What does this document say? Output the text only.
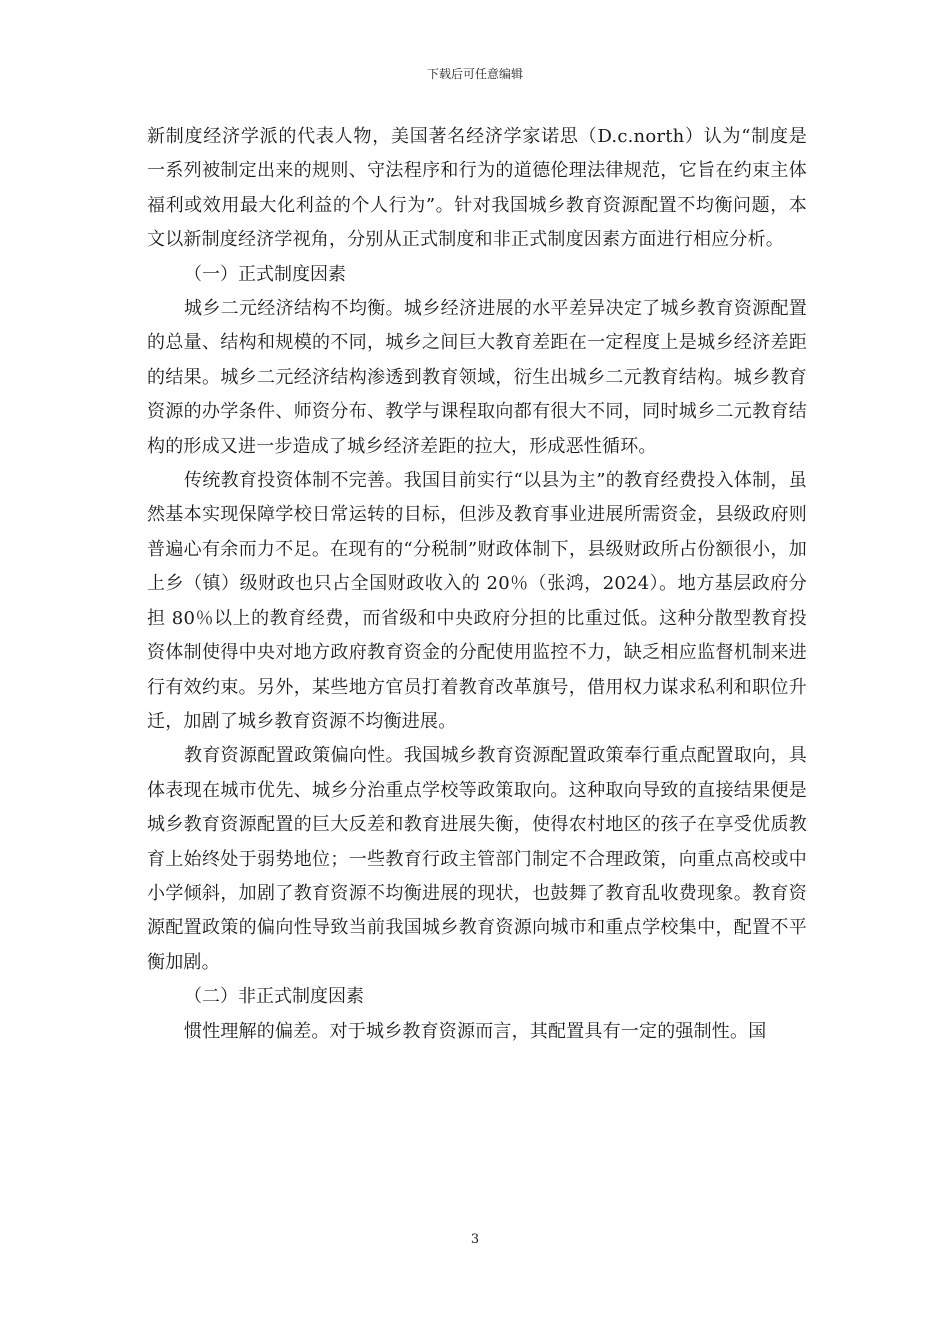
下载后可任意编辑

新制度经济学派的代表人物，美国著名经济学家诺思（D.c.north）认为“制度是一系列被制定出来的规则、守法程序和行为的道德伦理法律规范，它旨在约束主体福利或效用最大化利益的个人行为”。针对我国城乡教育资源配置不均衡问题，本文以新制度经济学视角，分别从正式制度和非正式制度因素方面进行相应分析。

（一）正式制度因素

城乡二元经济结构不均衡。城乡经济进展的水平差异决定了城乡教育资源配置的总量、结构和规模的不同，城乡之间巨大教育差距在一定程度上是城乡经济差距的结果。城乡二元经济结构渗透到教育领域，衍生出城乡二元教育结构。城乡教育资源的办学条件、师资分布、教学与课程取向都有很大不同，同时城乡二元教育结构的形成又进一步造成了城乡经济差距的拉大，形成恶性循环。

传统教育投资体制不完善。我国目前实行“以县为主”的教育经费投入体制，虽然基本实现保障学校日常运转的目标，但涉及教育事业进展所需资金，县级政府则普遍心有余而力不足。在现有的“分税制”财政体制下，县级财政所占份额很小，加上乡（镇）级财政也只占全国财政收入的 20％（张鸿，2024）。地方基层政府分担 80％以上的教育经费，而省级和中央政府分担的比重过低。这种分散型教育投资体制使得中央对地方政府教育资金的分配使用监控不力，缺乏相应监督机制来进行有效约束。另外，某些地方官员打着教育改革旗号，借用权力谋求私利和职位升迁，加剧了城乡教育资源不均衡进展。

教育资源配置政策偏向性。我国城乡教育资源配置政策奉行重点配置取向，具体表现在城市优先、城乡分治重点学校等政策取向。这种取向导致的直接结果便是城乡教育资源配置的巨大反差和教育进展失衡，使得农村地区的孩子在享受优质教育上始终处于弱势地位；一些教育行政主管部门制定不合理政策，向重点高校或中小学倾斜，加剧了教育资源不均衡进展的现状，也鼓舞了教育乱收费现象。教育资源配置政策的偏向性导致当前我国城乡教育资源向城市和重点学校集中，配置不平衡加剧。

（二）非正式制度因素

惯性理解的偏差。对于城乡教育资源而言，其配置具有一定的强制性。国

3
